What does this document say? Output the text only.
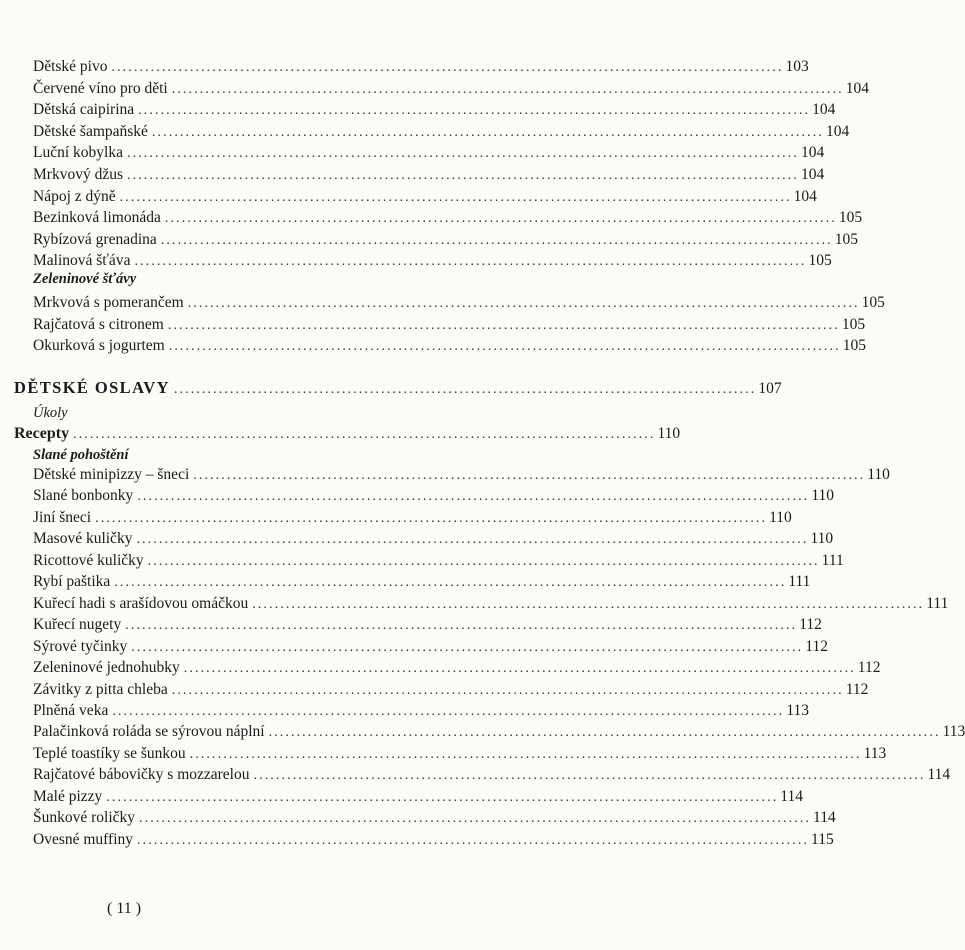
Zeleninové šťávy
DĚTSKÉ OSLAVY ........................................................................................................ 107
Úkoly
Recepty ........................................................................................................ 110
Slané pohoštění
Dětské pivo ........................................................................................................................ 103
Červené víno pro děti ........................................................................................................................ 104
Dětská caipirina ........................................................................................................................ 104
Dětské šampaňské ........................................................................................................................ 104
Luční kobylka ........................................................................................................................ 104
Mrkvový džus ........................................................................................................................ 104
Nápoj z dýně ........................................................................................................................ 104
Bezinková limonáda ........................................................................................................................ 105
Rybízová grenadina ........................................................................................................................ 105
Malinová šťáva ........................................................................................................................ 105
Mrkvová s pomerančem ........................................................................................................................ 105
Rajčatová s citronem ........................................................................................................................ 105
Okurková s jogurtem ........................................................................................................................ 105
Dětské minipizzy – šneci ........................................................................................................................ 110
Slané bonbonky ........................................................................................................................ 110
Jiní šneci ........................................................................................................................ 110
Masové kuličky ........................................................................................................................ 110
Ricottové kuličky ........................................................................................................................ 111
Rybí paštika ........................................................................................................................ 111
Kuřecí hadi s arašídovou omáčkou ........................................................................................................................ 111
Kuřecí nugety ........................................................................................................................ 112
Sýrové tyčinky ........................................................................................................................ 112
Zeleninové jednohubky ........................................................................................................................ 112
Závitky z pitta chleba ........................................................................................................................ 112
Plněná veka ........................................................................................................................ 113
Palačinková roláda se sýrovou náplní ........................................................................................................................ 113
Teplé toastíky se šunkou ........................................................................................................................ 113
Rajčatové bábovičky s mozzarelou ........................................................................................................................ 114
Malé pizzy ........................................................................................................................ 114
Šunkové roličky ........................................................................................................................ 114
Ovesné muffiny ........................................................................................................................ 115
( 11 )
